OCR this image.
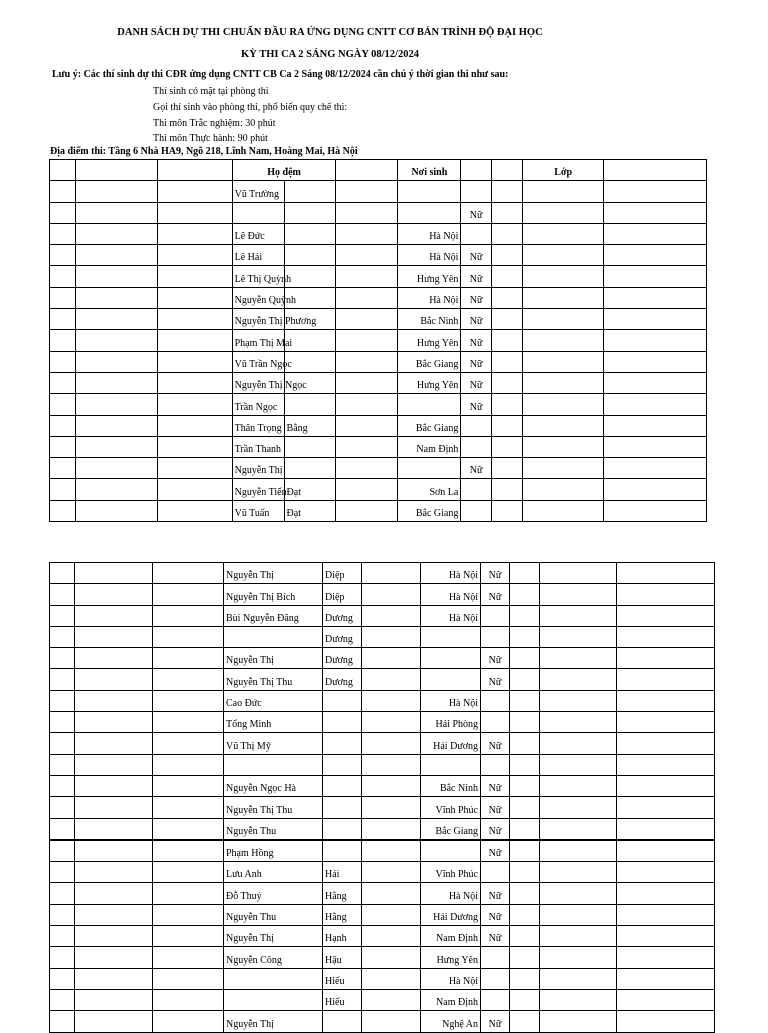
DANH SÁCH DỰ THI CHUẨN ĐẦU RA ỨNG DỤNG CNTT CƠ BẢN TRÌNH ĐỘ ĐẠI HỌC
KỲ THI CA 2 SÁNG NGÀY 08/12/2024
Lưu ý: Các thí sinh dự thi CĐR ứng dụng CNTT CB Ca 2 Sáng 08/12/2024 cần chú ý thời gian thi như sau:
Thí sinh có mặt tại phòng thi
Gọi thí sinh vào phòng thi, phổ biến quy chế thi:
Thi môn Trắc nghiệm: 30 phút
Thi môn Thực hành: 90 phút
Địa điểm thi: Tầng 6 Nhà HA9, Ngõ 218, Lĩnh Nam, Hoàng Mai, Hà Nội
			Họ đệm			Nơi sinh			Lớp	
			Vũ Trường							
							Nữ			
			Lê Đức			Hà Nội				
			Lê Hải			Hà Nội	Nữ			
			Lê Thị Quỳnh			Hưng Yên	Nữ			
			Nguyễn Quỳnh			Hà Nội	Nữ			
			Nguyễn Thị Phương			Bắc Ninh	Nữ			
			Phạm Thị Mai			Hưng Yên	Nữ			
			Vũ Trần Ngọc			Bắc Giang	Nữ			
			Nguyễn Thị Ngọc			Hưng Yên	Nữ			
			Trần Ngọc				Nữ			
			Thân Trọng	Bằng		Bắc Giang				
			Trần Thanh			Nam Định				
			Nguyễn Thị				Nữ			
			Nguyễn Tiến	Đạt		Sơn La				
			Vũ Tuấn	Đạt		Bắc Giang				
			Nguyễn Thị	Diệp		Hà Nội	Nữ			
			Nguyễn Thị Bích	Diệp		Hà Nội	Nữ			
			Bùi Nguyễn Đăng	Dương		Hà Nội				
				Dương						
			Nguyễn Thị	Dương			Nữ			
			Nguyễn Thị Thu	Dương			Nữ			
			Cao Đức			Hà Nội				
			Tống Minh			Hải Phòng				
			Vũ Thị Mỹ			Hải Dương	Nữ			

			Nguyễn Ngọc Hà			Bắc Ninh	Nữ			
			Nguyễn Thị Thu			Vĩnh Phúc	Nữ			
			Nguyễn Thu			Bắc Giang	Nữ			
			Phạm Hồng				Nữ			
			Lưu Anh	Hải		Vĩnh Phúc				
			Đỗ Thuý	Hằng		Hà Nội	Nữ			
			Nguyễn Thu	Hằng		Hải Dương	Nữ			
			Nguyễn Thị	Hạnh		Nam Định	Nữ			
			Nguyễn Công	Hậu		Hưng Yên				
				Hiếu		Hà Nội				
				Hiếu		Nam Định				
			Nguyễn Thị			Nghệ An	Nữ			
